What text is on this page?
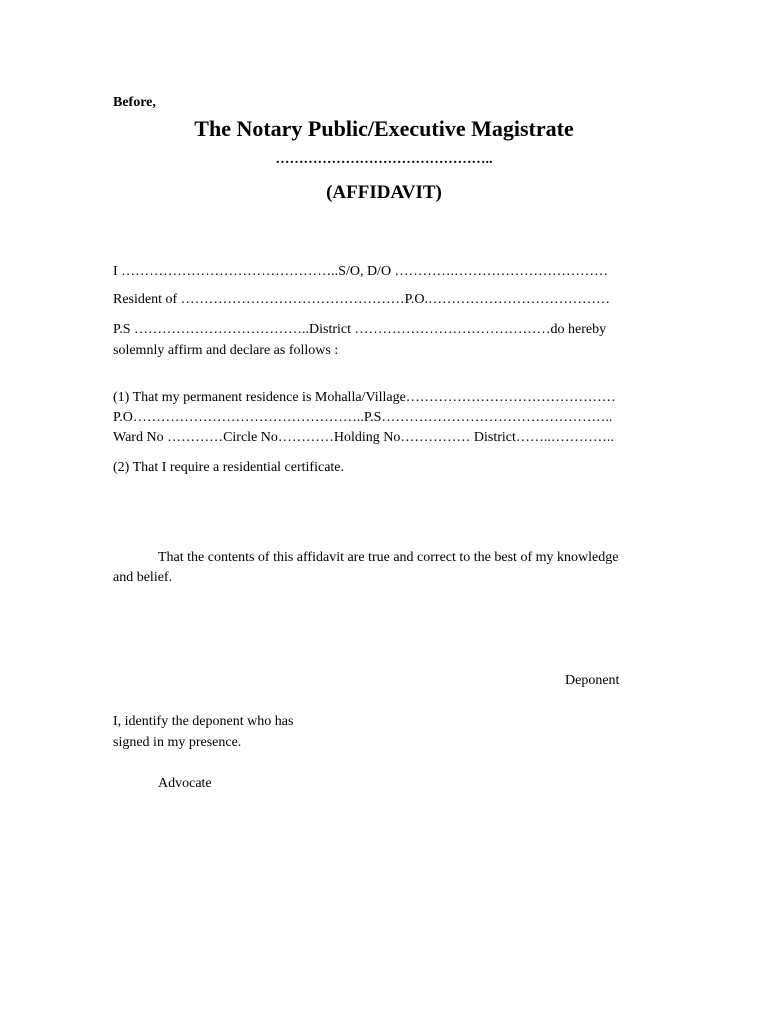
Before,
The Notary Public/Executive Magistrate
………………………………………..
(AFFIDAVIT)
I ………………………………………..S/O, D/O ………….……………………………
Resident of …………………………………………P.O.…………………………………
P.S ………………………………..District ……………………………………do hereby
solemnly affirm and declare as follows :
(1) That my permanent residence is Mohalla/Village………………………………………
P.O…………………………………………..P.S…………………………………………..
Ward No …………Circle No…………Holding No…………… District……..…………..
(2) That I require a residential certificate.
That the contents of this affidavit are true and correct to the best of my knowledge
and belief.
Deponent
I, identify the deponent who has
signed in my presence.
Advocate
